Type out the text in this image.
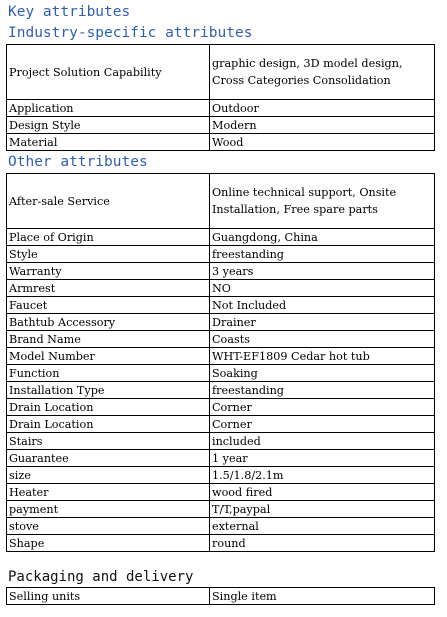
Key attributes
Industry-specific attributes
Project Solution Capability	graphic design, 3D model design, Cross Categories Consolidation
Application	Outdoor
Design Style	Modern
Material	Wood
Other attributes
After-sale Service	Online technical support, Onsite Installation, Free spare parts
Place of Origin	Guangdong, China
Style	freestanding
Warranty	3 years
Armrest	NO
Faucet	Not Included
Bathtub Accessory	Drainer
Brand Name	Coasts
Model Number	WHT-EF1809 Cedar hot tub
Function	Soaking
Installation Type	freestanding
Drain Location	Corner
Drain Location	Corner
Stairs	included
Guarantee	1 year
size	1.5/1.8/2.1m
Heater	wood fired
payment	T/T,paypal
stove	external
Shape	round
Packaging and delivery
Selling units	Single item
